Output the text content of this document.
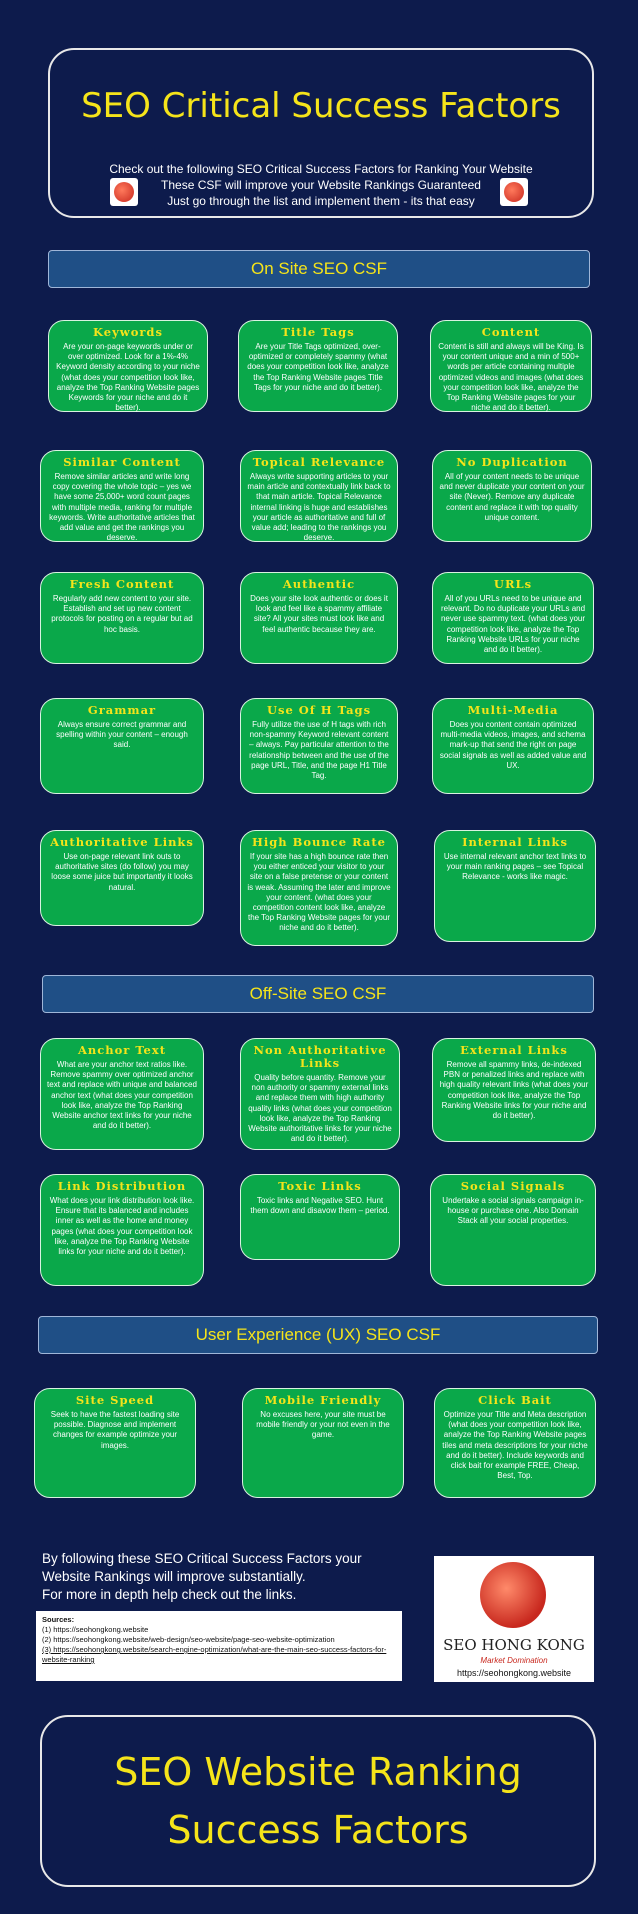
SEO Critical Success Factors
Check out the following SEO Critical Success Factors for Ranking Your Website
These CSF will improve your Website Rankings Guaranteed
Just go through the list and implement them - its that easy
On Site SEO CSF
Keywords
Are your on-page keywords under or over optimized. Look for a 1%-4% Keyword density according to your niche (what does your competition look like, analyze the Top Ranking Website pages Keywords for your niche and do it better).
Title Tags
Are your Title Tags optimized, over-optimized or completely spammy (what does your competition look like, analyze the Top Ranking Website pages Title Tags for your niche and do it better).
Content
Content is still and always will be King. Is your content unique and a min of 500+ words per article containing multiple optimized videos and images (what does your competition look like, analyze the Top Ranking Website pages for your niche and do it better).
Similar Content
Remove similar articles and write long copy covering the whole topic – yes we have some 25,000+ word count pages with multiple media, ranking for multiple keywords. Write authoritative articles that add value and get the rankings you deserve.
Topical Relevance
Always write supporting articles to your main article and contextually link back to that main article. Topical Relevance internal linking is huge and establishes your article as authoritative and full of value add; leading to the rankings you deserve.
No Duplication
All of your content needs to be unique and never duplicate your content on your site (Never). Remove any duplicate content and replace it with top quality unique content.
Fresh Content
Regularly add new content to your site. Establish and set up new content protocols for posting on a regular but ad hoc basis.
Authentic
Does your site look authentic or does it look and feel like a spammy affiliate site? All your sites must look like and feel authentic because they are.
URLs
All of you URLs need to be unique and relevant. Do no duplicate your URLs and never use spammy text. (what does your competition look like, analyze the Top Ranking Website URLs for your niche and do it better).
Grammar
Always ensure correct grammar and spelling within your content – enough said.
Use Of H Tags
Fully utilize the use of H tags with rich non-spammy Keyword relevant content – always. Pay particular attention to the relationship between and the use of the page URL, Title, and the page H1 Title Tag.
Multi-Media
Does you content contain optimized multi-media videos, images, and schema mark-up that send the right on page social signals as well as added value and UX.
Authoritative Links
Use on-page relevant link outs to authoritative sites (do follow) you may loose some juice but importantly it looks natural.
High Bounce Rate
If your site has a high bounce rate then you either enticed your visitor to your site on a false pretense or your content is weak. Assuming the later and improve your content. (what does your competition content look like, analyze the Top Ranking Website pages for your niche and do it better).
Internal Links
Use internal relevant anchor text links to your main ranking pages – see Topical Relevance - works like magic.
Off-Site SEO CSF
Anchor Text
What are your anchor text ratios like. Remove spammy over optimized anchor text and replace with unique and balanced anchor text (what does your competition look like, analyze the Top Ranking Website anchor text links for your niche and do it better).
Non Authoritative Links
Quality before quantity. Remove your non authority or spammy external links and replace them with high authority quality links (what does your competition look like, analyze the Top Ranking Website authoritative links for your niche and do it better).
External Links
Remove all spammy links, de-indexed PBN or penalized links and replace with high quality relevant links (what does your competition look like, analyze the Top Ranking Website links for your niche and do it better).
Link Distribution
What does your link distribution look like. Ensure that its balanced and includes inner as well as the home and money pages (what does your competition look like, analyze the Top Ranking Website links for your niche and do it better).
Toxic Links
Toxic links and Negative SEO. Hunt them down and disavow them – period.
Social Signals
Undertake a social signals campaign in-house or purchase one. Also Domain Stack all your social properties.
User Experience (UX) SEO CSF
Site Speed
Seek to have the fastest loading site possible. Diagnose and implement changes for example optimize your images.
Mobile Friendly
No excuses here, your site must be mobile friendly or your not even in the game.
Click Bait
Optimize your Title and Meta description (what does your competition look like, analyze the Top Ranking Website pages tiles and meta descriptions for your niche and do it better). Include keywords and click bait for example FREE, Cheap, Best, Top.
By following these SEO Critical Success Factors your
Website Rankings will improve substantially.
For more in depth help check out the links.
Sources:
(1) https://seohongkong.website
(2) https://seohongkong.website/web-design/seo-website/page-seo-website-optimization
(3) https://seohongkong.website/search-engine-optimization/what-are-the-main-seo-success-factors-for-website-ranking
SEO HONG KONG
Market Domination
https://seohongkong.website
SEO Website Ranking
Success Factors
